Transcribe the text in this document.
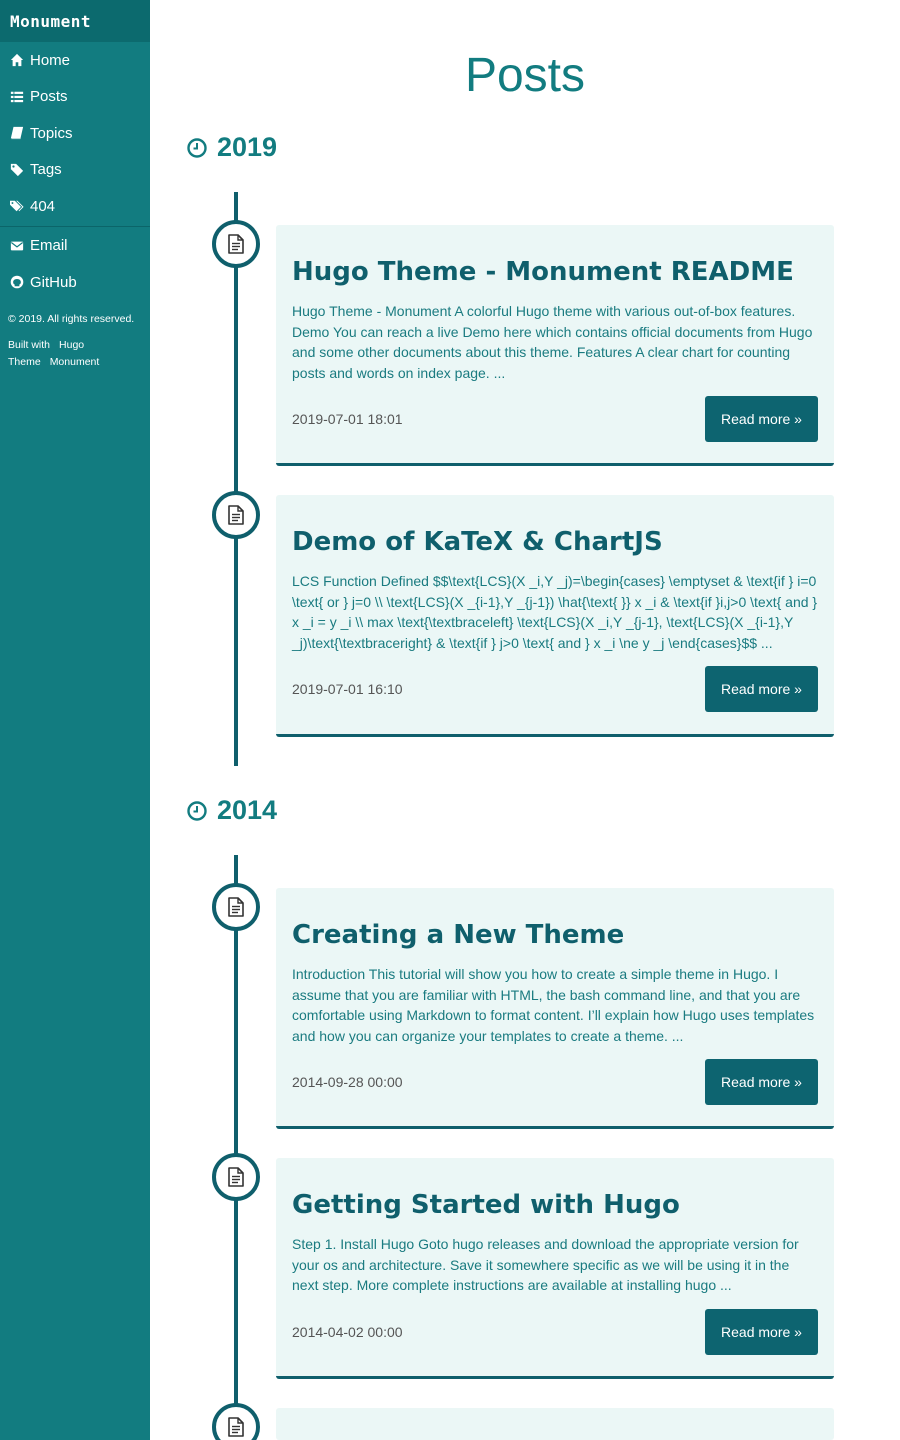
Monument
Home
Posts
Topics
Tags
404
Email
GitHub
© 2019. All rights reserved.
Built with Hugo
Theme Monument
Posts
2019
Hugo Theme - Monument README

Hugo Theme - Monument A colorful Hugo theme with various out-of-box features. Demo You can reach a live Demo here which contains official documents from Hugo and some other documents about this theme. Features A clear chart for counting posts and words on index page. ...

2019-07-01 18:01	Read more »
Demo of KaTeX & ChartJS

LCS Function Defined $$\text{LCS}(X _i,Y _j)=\begin{cases} \emptyset & \text{if } i=0 \text{ or } j=0 \\ \text{LCS}(X _{i-1},Y _{j-1}) \hat{\text{ }} x _i & \text{if }i,j>0 \text{ and } x _i = y _i \\ max \text{\textbraceleft} \text{LCS}(X _i,Y _{j-1}, \text{LCS}(X _{i-1},Y _j)\text{\textbraceright} & \text{if } j>0 \text{ and } x _i \ne y _j \end{cases}$$ ...

2019-07-01 16:10	Read more »
2014
Creating a New Theme

Introduction This tutorial will show you how to create a simple theme in Hugo. I assume that you are familiar with HTML, the bash command line, and that you are comfortable using Markdown to format content. I’ll explain how Hugo uses templates and how you can organize your templates to create a theme. ...

2014-09-28 00:00	Read more »
Getting Started with Hugo

Step 1. Install Hugo Goto hugo releases and download the appropriate version for your os and architecture. Save it somewhere specific as we will be using it in the next step. More complete instructions are available at installing hugo ...

2014-04-02 00:00	Read more »
